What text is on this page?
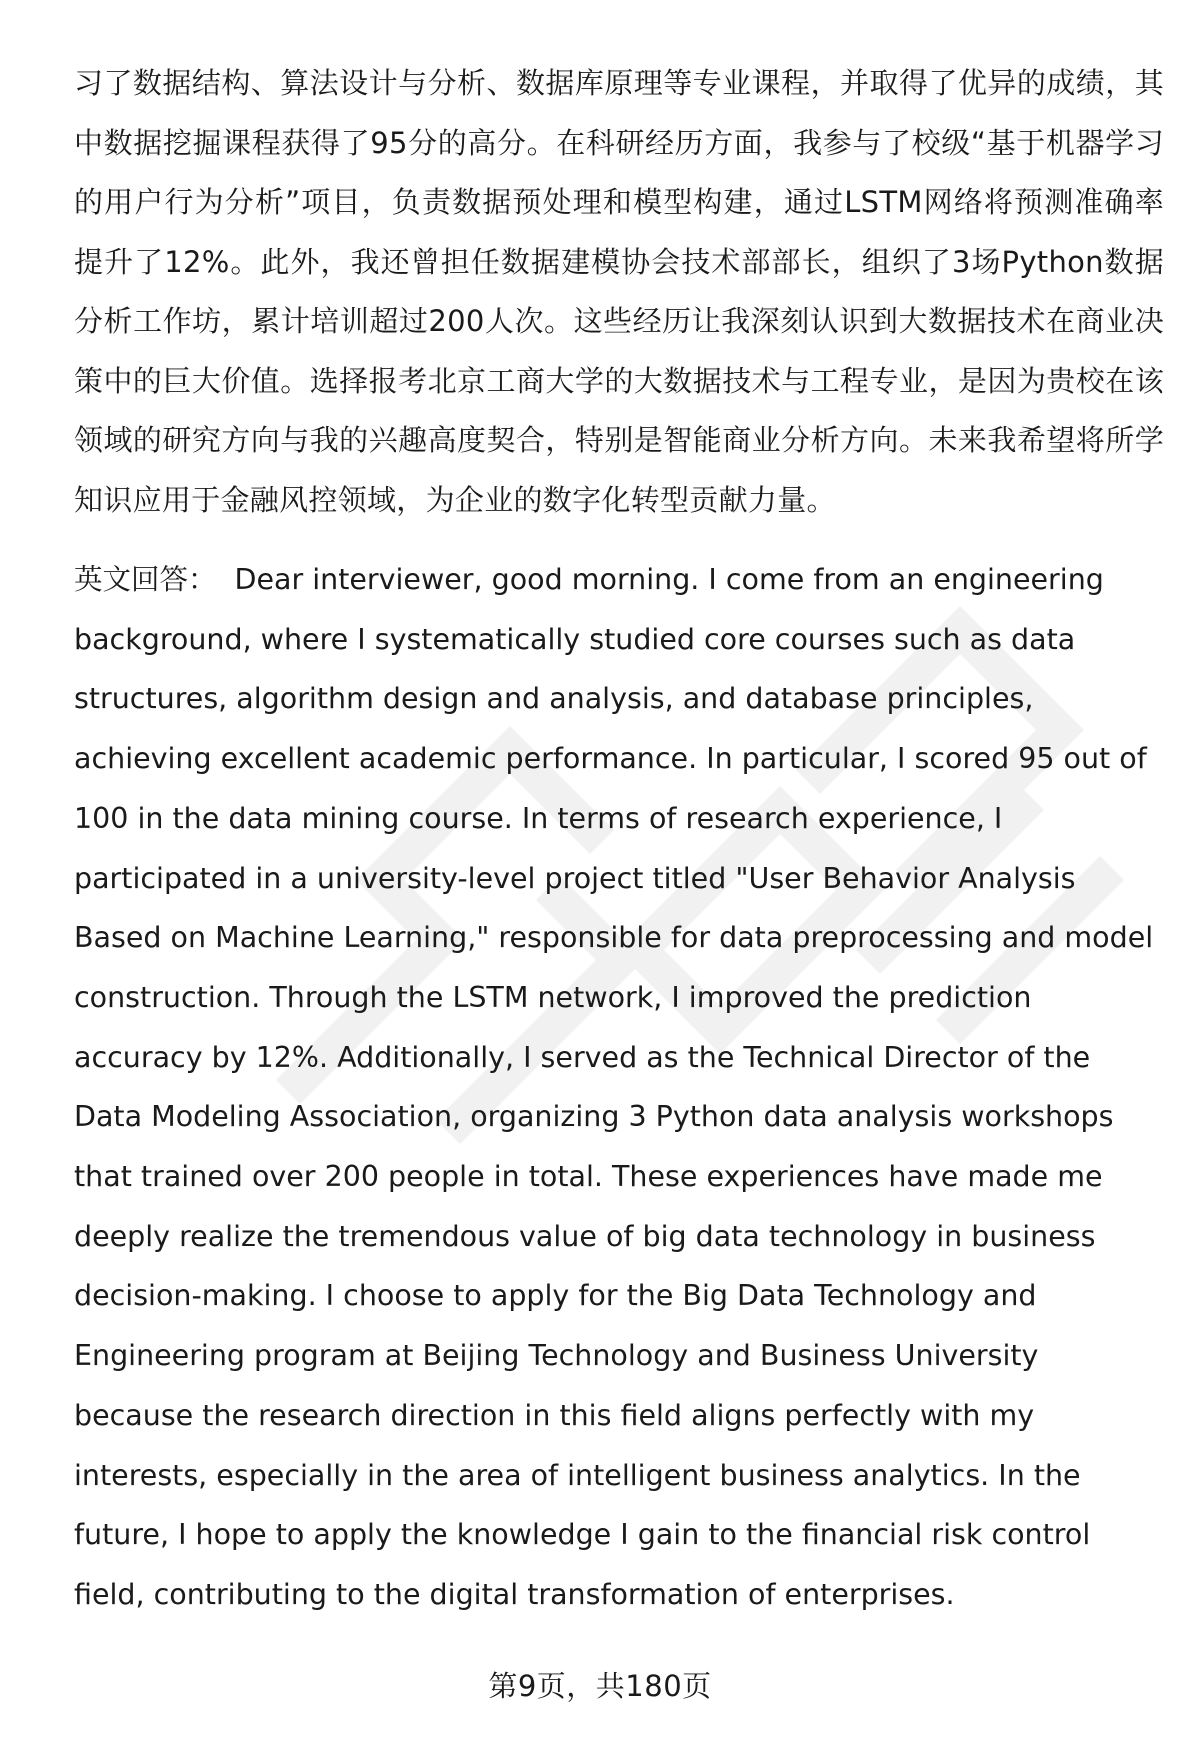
习了数据结构、算法设计与分析、数据库原理等专业课程，并取得了优异的成绩，其中数据挖掘课程获得了95分的高分。在科研经历方面，我参与了校级“基于机器学习的用户行为分析”项目，负责数据预处理和模型构建，通过LSTM网络将预测准确率提升了12%。此外，我还曾担任数据建模协会技术部部长，组织了3场Python数据分析工作坊，累计培训超过200人次。这些经历让我深刻认识到大数据技术在商业决策中的巨大价值。选择报考北京工商大学的大数据技术与工程专业，是因为贵校在该领域的研究方向与我的兴趣高度契合，特别是智能商业分析方向。未来我希望将所学知识应用于金融风控领域，为企业的数字化转型贡献力量。

英文回答： Dear interviewer, good morning. I come from an engineering background, where I systematically studied core courses such as data structures, algorithm design and analysis, and database principles, achieving excellent academic performance. In particular, I scored 95 out of 100 in the data mining course. In terms of research experience, I participated in a university-level project titled "User Behavior Analysis Based on Machine Learning," responsible for data preprocessing and model construction. Through the LSTM network, I improved the prediction accuracy by 12%. Additionally, I served as the Technical Director of the Data Modeling Association, organizing 3 Python data analysis workshops that trained over 200 people in total. These experiences have made me deeply realize the tremendous value of big data technology in business decision-making. I choose to apply for the Big Data Technology and Engineering program at Beijing Technology and Business University because the research direction in this field aligns perfectly with my interests, especially in the area of intelligent business analytics. In the future, I hope to apply the knowledge I gain to the financial risk control field, contributing to the digital transformation of enterprises.

第9页，共180页
